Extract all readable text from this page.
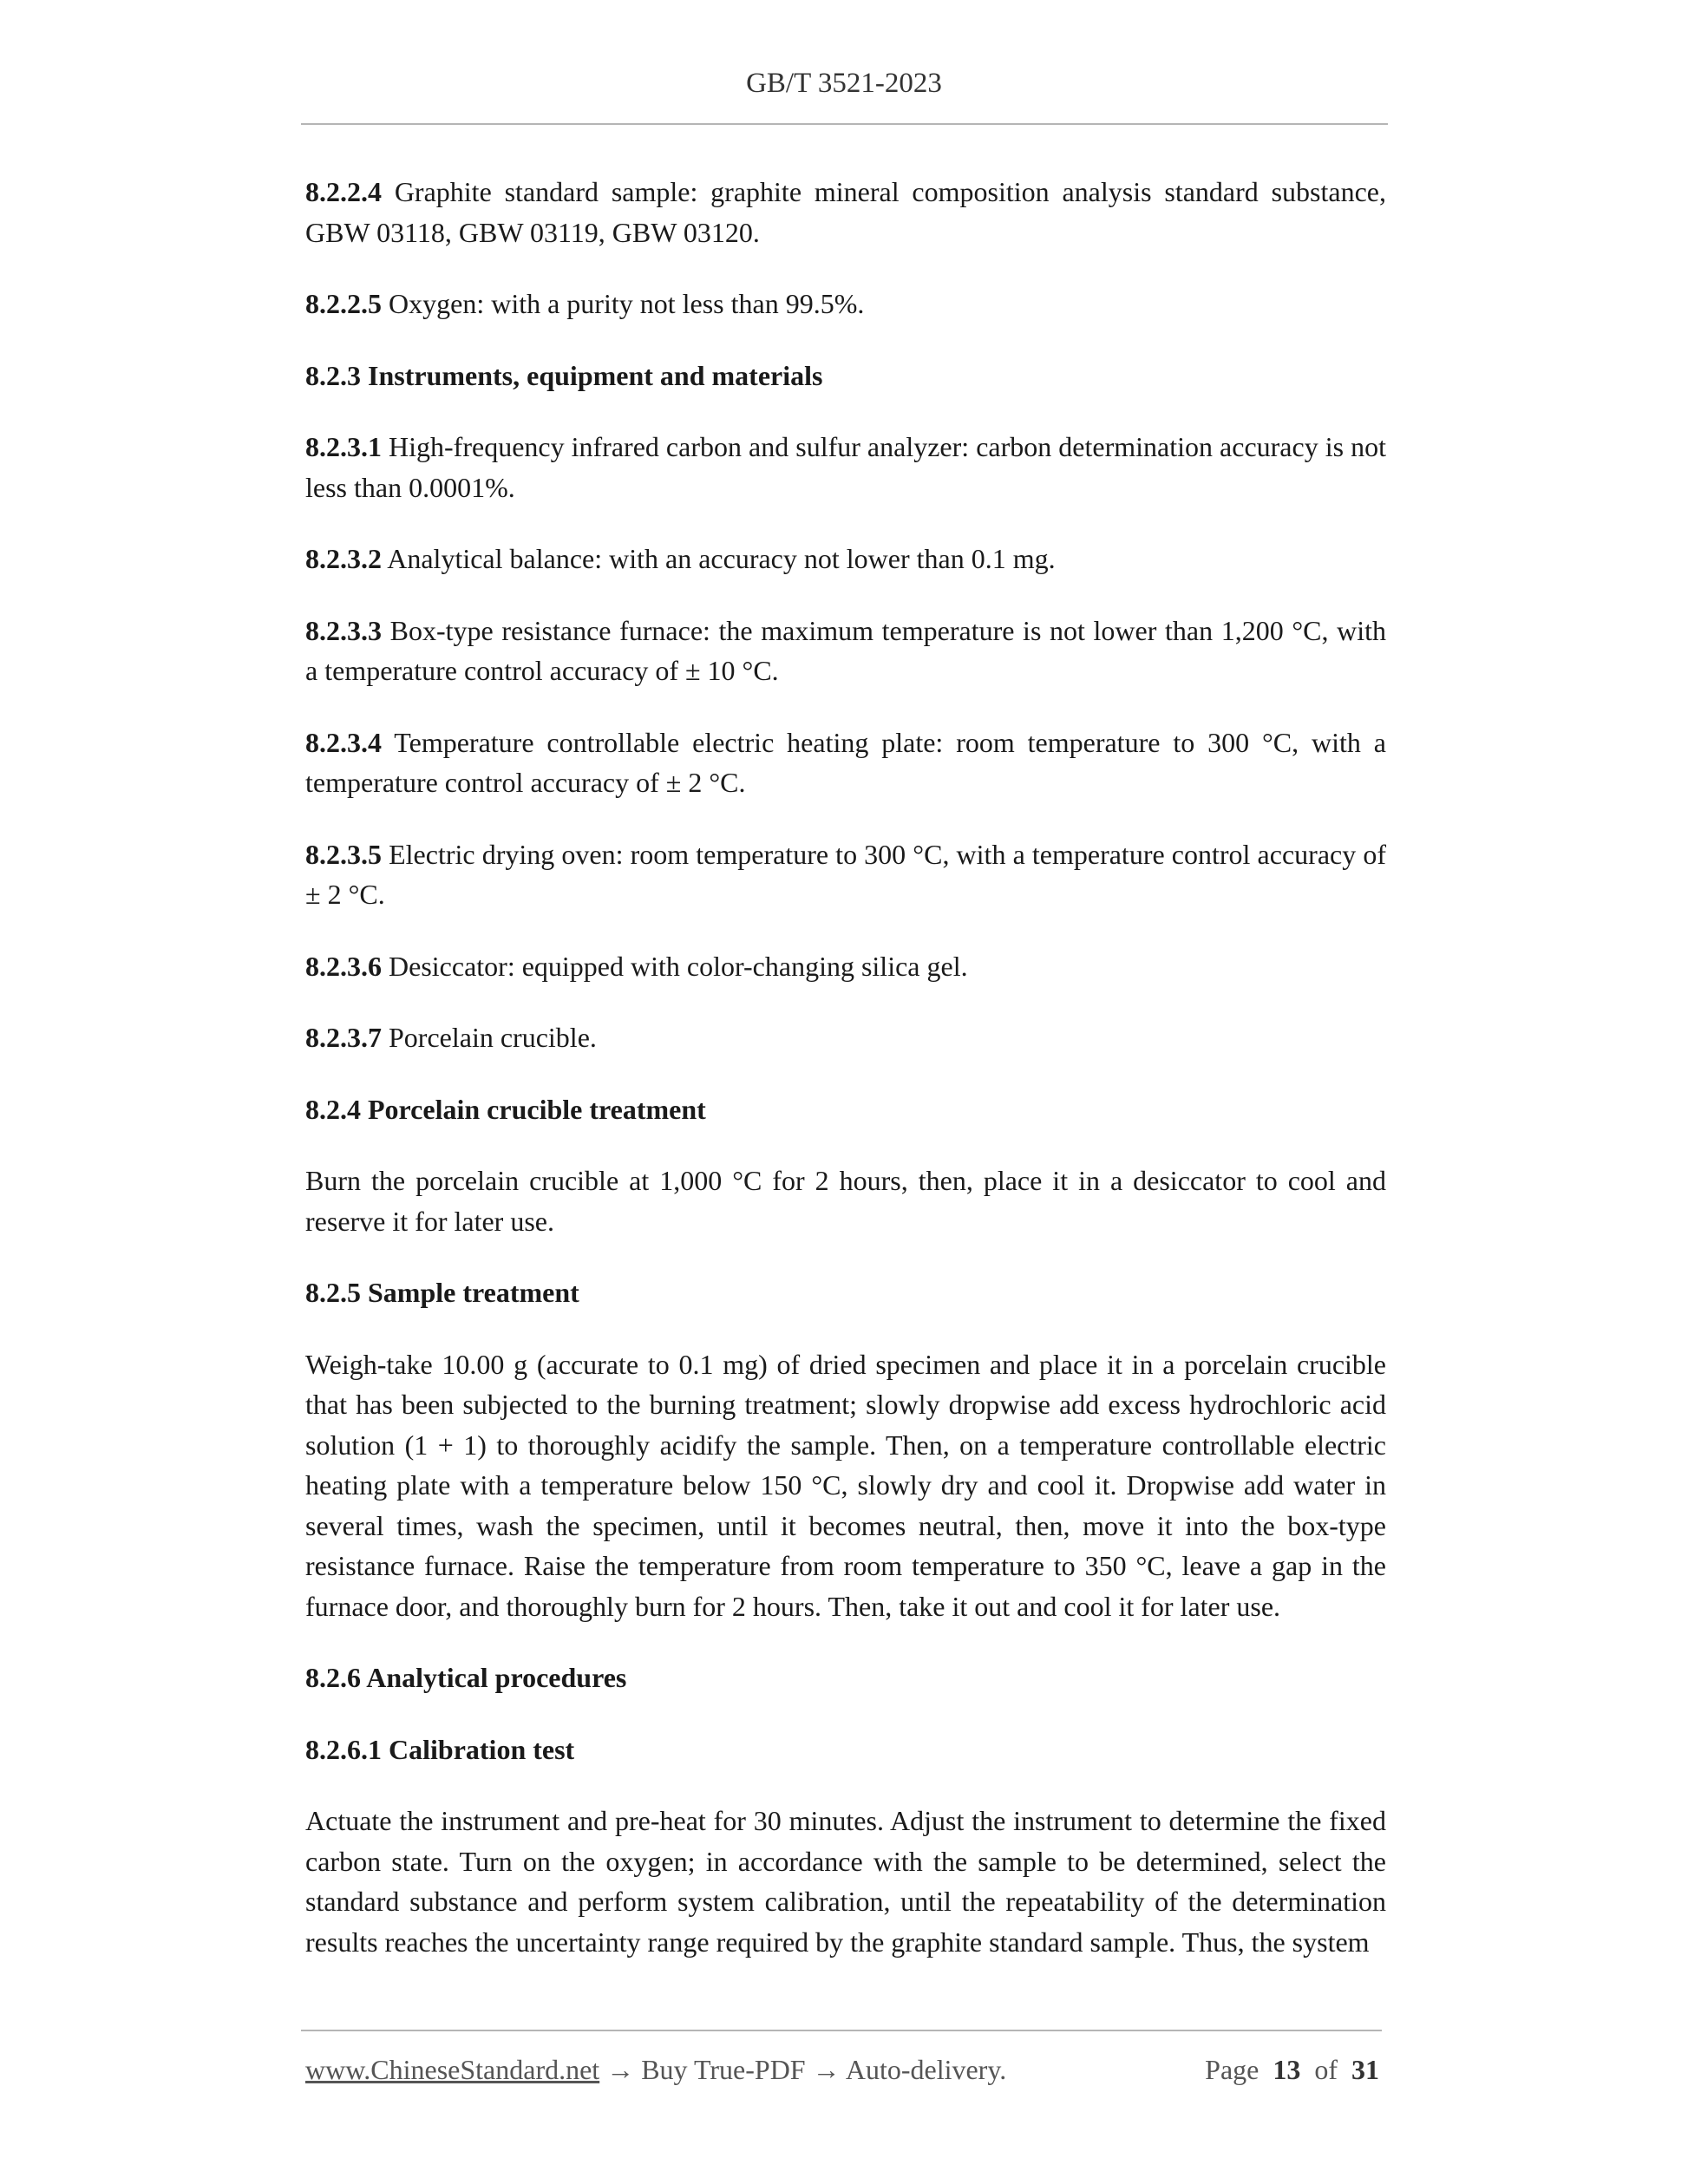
GB/T 3521-2023

8.2.2.4 Graphite standard sample: graphite mineral composition analysis standard substance, GBW 03118, GBW 03119, GBW 03120.

8.2.2.5 Oxygen: with a purity not less than 99.5%.

8.2.3 Instruments, equipment and materials

8.2.3.1 High-frequency infrared carbon and sulfur analyzer: carbon determination accuracy is not less than 0.0001%.

8.2.3.2 Analytical balance: with an accuracy not lower than 0.1 mg.

8.2.3.3 Box-type resistance furnace: the maximum temperature is not lower than 1,200 °C, with a temperature control accuracy of ± 10 °C.

8.2.3.4 Temperature controllable electric heating plate: room temperature to 300 °C, with a temperature control accuracy of ± 2 °C.

8.2.3.5 Electric drying oven: room temperature to 300 °C, with a temperature control accuracy of ± 2 °C.

8.2.3.6 Desiccator: equipped with color-changing silica gel.

8.2.3.7 Porcelain crucible.

8.2.4 Porcelain crucible treatment

Burn the porcelain crucible at 1,000 °C for 2 hours, then, place it in a desiccator to cool and reserve it for later use.

8.2.5 Sample treatment

Weigh-take 10.00 g (accurate to 0.1 mg) of dried specimen and place it in a porcelain crucible that has been subjected to the burning treatment; slowly dropwise add excess hydrochloric acid solution (1 + 1) to thoroughly acidify the sample. Then, on a temperature controllable electric heating plate with a temperature below 150 °C, slowly dry and cool it. Dropwise add water in several times, wash the specimen, until it becomes neutral, then, move it into the box-type resistance furnace. Raise the temperature from room temperature to 350 °C, leave a gap in the furnace door, and thoroughly burn for 2 hours. Then, take it out and cool it for later use.

8.2.6 Analytical procedures
8.2.6.1 Calibration test

Actuate the instrument and pre-heat for 30 minutes. Adjust the instrument to determine the fixed carbon state. Turn on the oxygen; in accordance with the sample to be determined, select the standard substance and perform system calibration, until the repeatability of the determination results reaches the uncertainty range required by the graphite standard sample. Thus, the system

www.ChineseStandard.net → Buy True-PDF → Auto-delivery.	Page 13 of 31
